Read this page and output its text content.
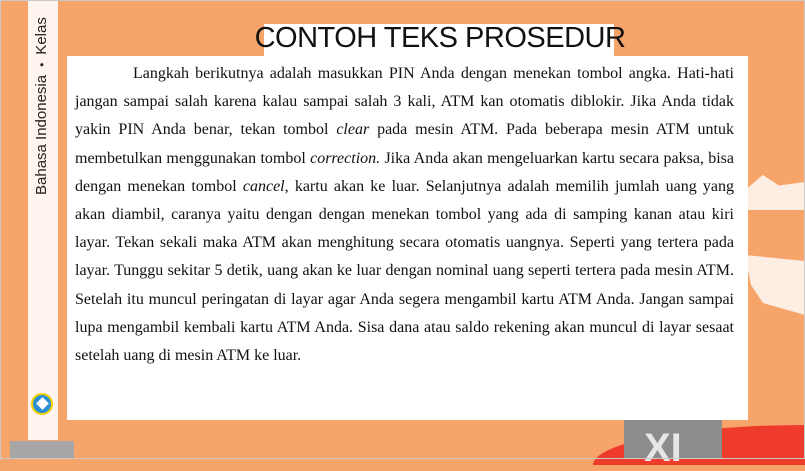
Bahasa Indonesia•Kelas
XI
CONTOH TEKS PROSEDUR

Langkah berikutnya adalah masukkan PIN Anda dengan menekan tombol angka. Hati-hati jangan sampai salah karena kalau sampai salah 3 kali, ATM kan otomatis diblokir. Jika Anda tidak yakin PIN Anda benar, tekan tombol clear pada mesin ATM. Pada beberapa mesin ATM untuk membetulkan menggunakan tombol correction. Jika Anda akan mengeluarkan kartu secara paksa, bisa dengan menekan tombol cancel, kartu akan ke luar. Selanjutnya adalah memilih jumlah uang yang akan diambil, caranya yaitu dengan dengan menekan tombol yang ada di samping kanan atau kiri layar. Tekan sekali maka ATM akan menghitung secara otomatis uangnya. Seperti yang tertera pada layar. Tunggu sekitar 5 detik, uang akan ke luar dengan nominal uang seperti tertera pada mesin ATM. Setelah itu muncul peringatan di layar agar Anda segera mengambil kartu ATM Anda. Jangan sampai lupa mengambil kembali kartu ATM Anda. Sisa dana atau saldo rekening akan muncul di layar sesaat setelah uang di mesin ATM ke luar.
